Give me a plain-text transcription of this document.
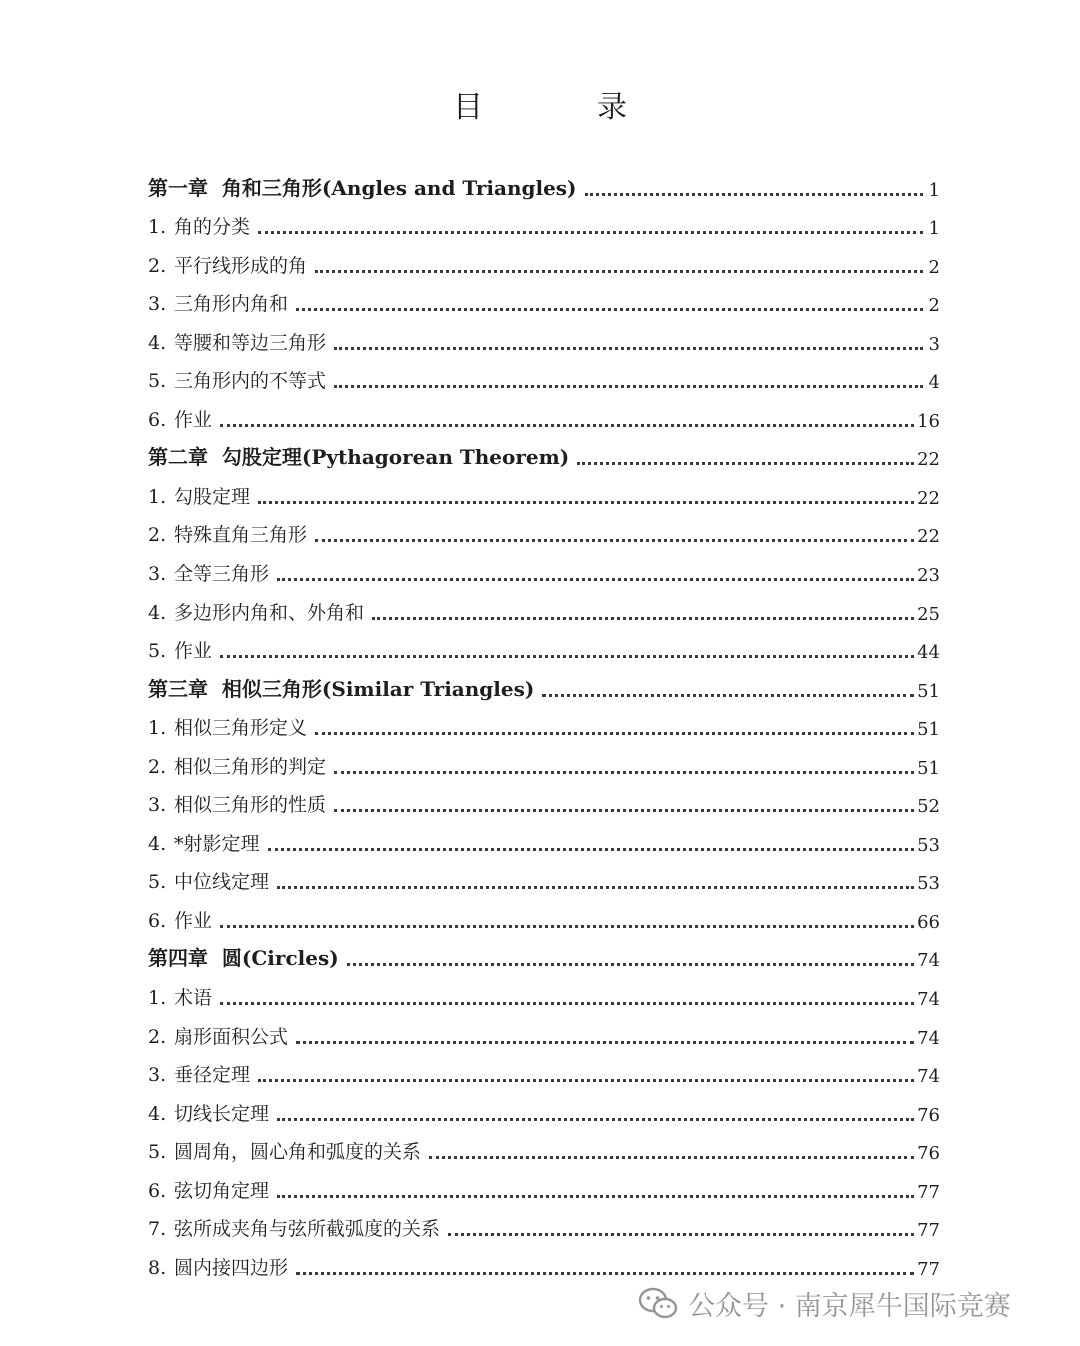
目　录
第一章  角和三角形(Angles and Triangles)	1
1. 角的分类	1
2. 平行线形成的角	2
3. 三角形内角和	2
4. 等腰和等边三角形	3
5. 三角形内的不等式	4
6. 作业	16
第二章  勾股定理(Pythagorean Theorem)	22
1. 勾股定理	22
2. 特殊直角三角形	22
3. 全等三角形	23
4. 多边形内角和、外角和	25
5. 作业	44
第三章  相似三角形(Similar Triangles)	51
1. 相似三角形定义	51
2. 相似三角形的判定	51
3. 相似三角形的性质	52
4. *射影定理	53
5. 中位线定理	53
6. 作业	66
第四章  圆(Circles)	74
1. 术语	74
2. 扇形面积公式	74
3. 垂径定理	74
4. 切线长定理	76
5. 圆周角，圆心角和弧度的关系	76
6. 弦切角定理	77
7. 弦所成夹角与弦所截弧度的关系	77
8. 圆内接四边形	77
公众号 · 南京犀牛国际竞赛
